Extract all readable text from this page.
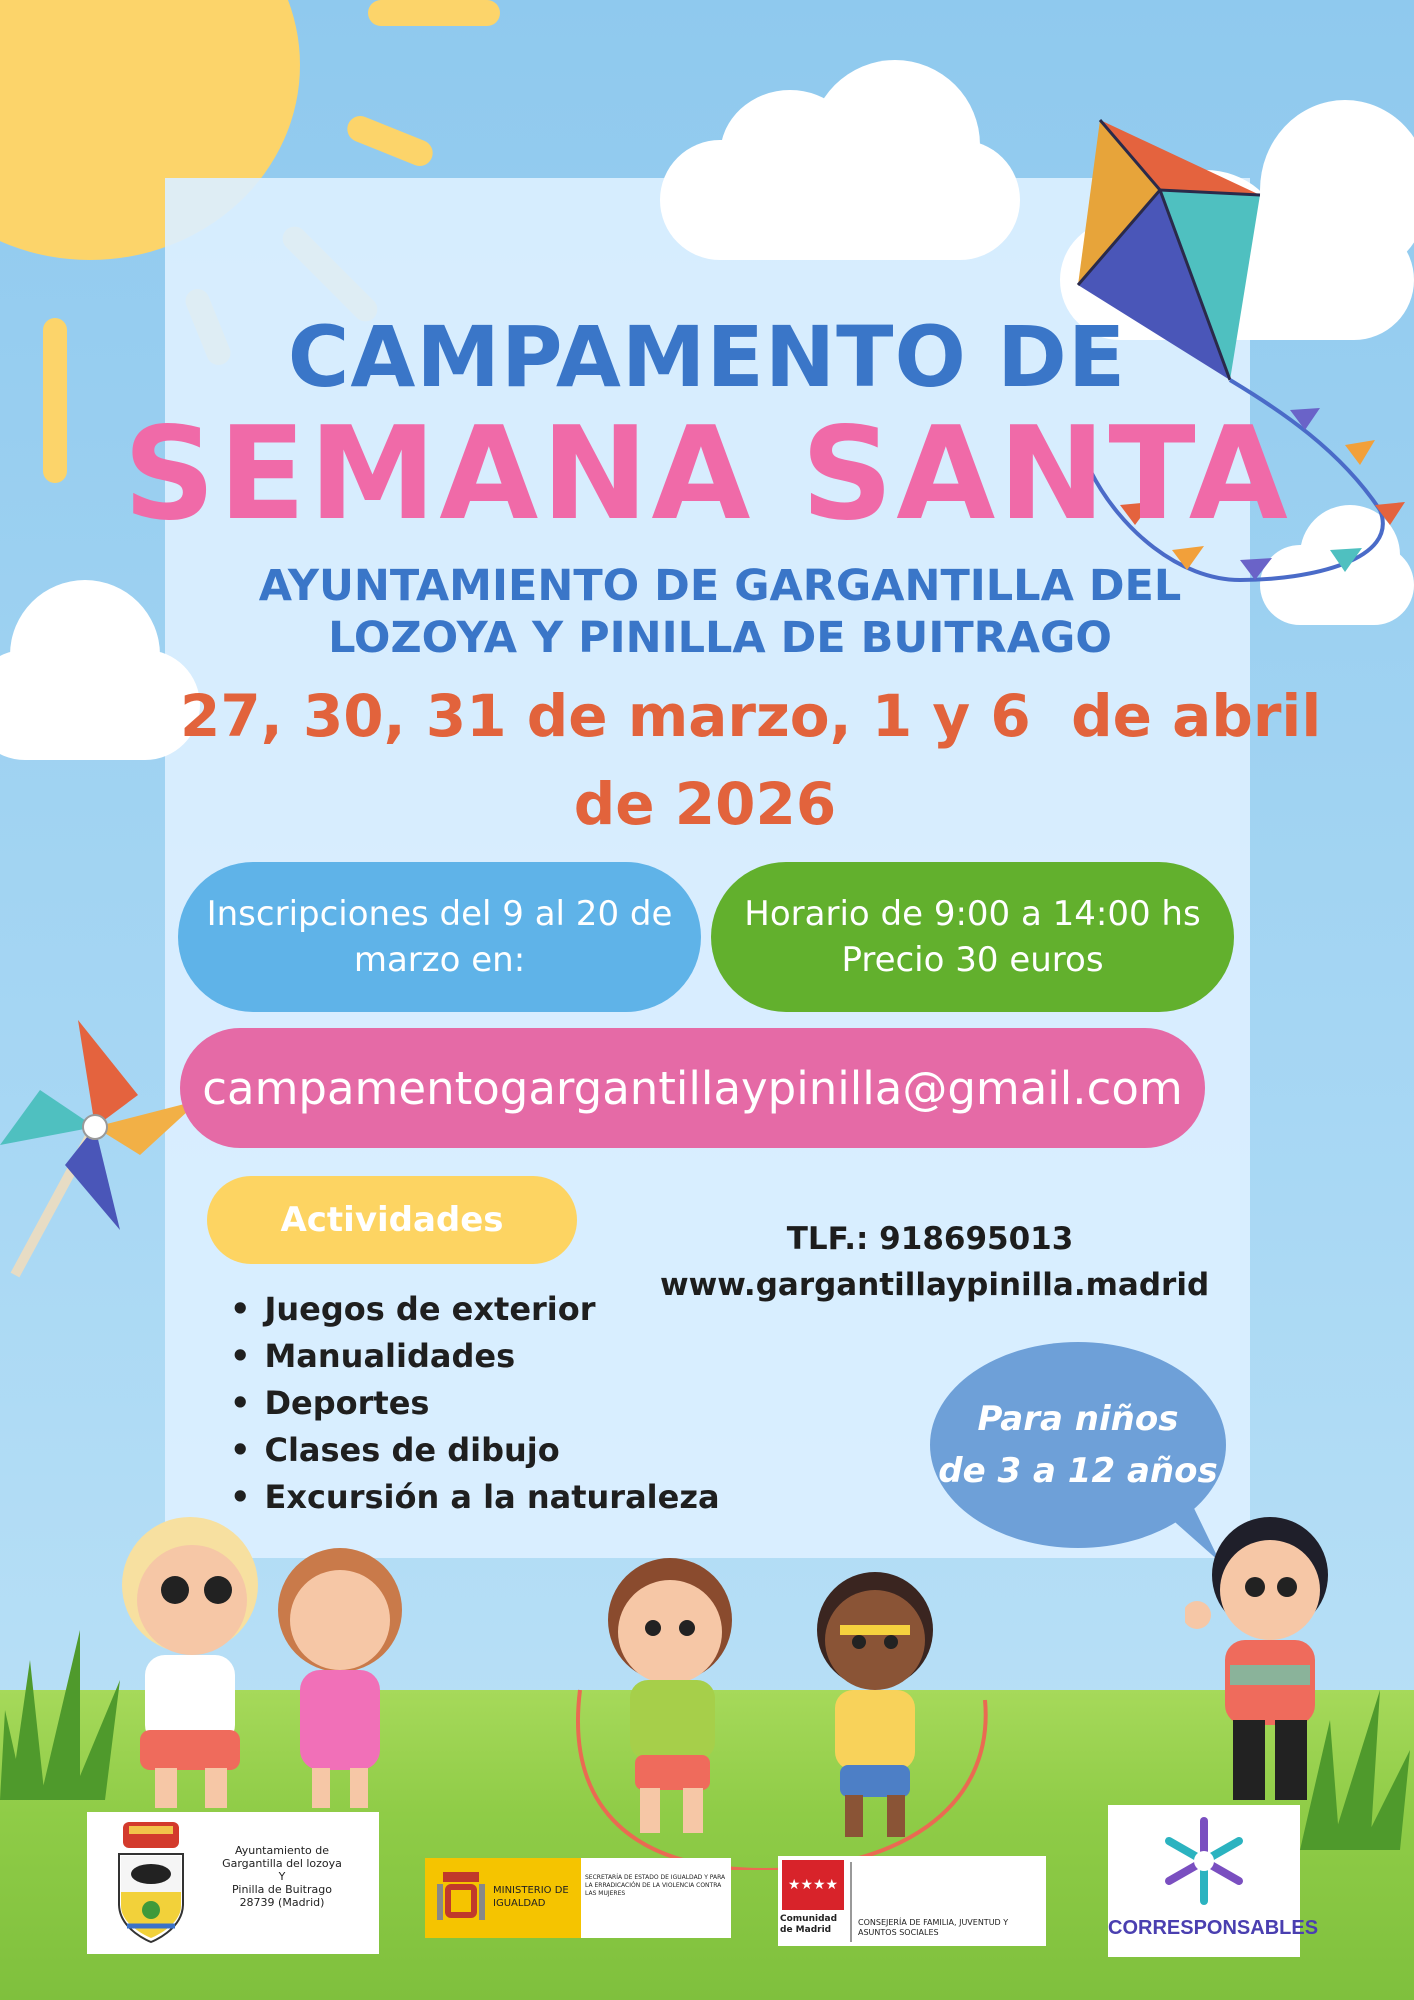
CAMPAMENTO DE
SEMANA SANTA
AYUNTAMIENTO DE GARGANTILLA DEL
LOZOYA Y PINILLA DE BUITRAGO
27, 30, 31 de marzo, 1 y 6  de abril
de 2026
Inscripciones del 9 al 20 de
marzo en:
Horario de 9:00 a 14:00 hs
Precio 30 euros
campamentogargantillaypinilla@gmail.com
Actividades	TLF.: 918695013
www.gargantillaypinilla.madrid
• Juegos de exterior
• Manualidades
• Deportes
• Clases de dibujo
• Excursión a la naturaleza
Para niños
de 3 a 12 años
Ayuntamiento de
Gargantilla del lozoya
Y
Pinilla de Buitrago
28739 (Madrid)
MINISTERIO DE IGUALDAD
SECRETARÍA DE ESTADO DE IGUALDAD Y PARA LA ERRADICACIÓN DE LA VIOLENCIA CONTRA LAS MUJERES
★★★★
Comunidad de Madrid
CONSEJERÍA DE FAMILIA, JUVENTUD Y ASUNTOS SOCIALES	CORRESPONSABLES
